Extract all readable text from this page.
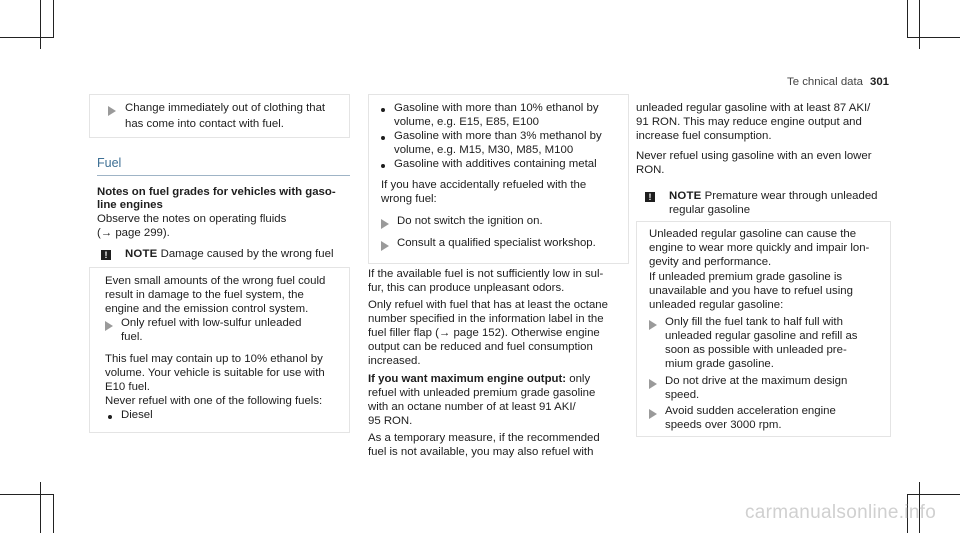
Te chnical data 301
Change immediately out of clothing that
has come into contact with fuel.
Fuel
Notes on fuel grades for vehicles with gaso‐
line engines
Observe the notes on operating fluids
(→ page 299).
!	NOTE Damage caused by the wrong fuel
Even small amounts of the wrong fuel could
result in damage to the fuel system, the
engine and the emission control system.
Only refuel with low-sulfur unleaded
fuel.
This fuel may contain up to 10% ethanol by
volume. Your vehicle is suitable for use with
E10 fuel.
Never refuel with one of the following fuels:
Diesel
Gasoline with more than 10% ethanol by
volume, e.g. E15, E85, E100
Gasoline with more than 3% methanol by
volume, e.g. M15, M30, M85, M100
Gasoline with additives containing metal
If you have accidentally refueled with the
wrong fuel:
Do not switch the ignition on.
Consult a qualified specialist workshop.
If the available fuel is not sufficiently low in sul‐
fur, this can produce unpleasant odors.
Only refuel with fuel that has at least the octane
number specified in the information label in the
fuel filler flap (→ page 152). Otherwise engine
output can be reduced and fuel consumption
increased.
If you want maximum engine output: only
refuel with unleaded premium grade gasoline
with an octane number of at least 91 AKI/
95 RON.
As a temporary measure, if the recommended
fuel is not available, you may also refuel with
unleaded regular gasoline with at least 87 AKI/
91 RON. This may reduce engine output and
increase fuel consumption.
Never refuel using gasoline with an even lower
RON.
!	NOTE Premature wear through unleaded
regular gasoline
Unleaded regular gasoline can cause the
engine to wear more quickly and impair lon‐
gevity and performance.
If unleaded premium grade gasoline is
unavailable and you have to refuel using
unleaded regular gasoline:
Only fill the fuel tank to half full with
unleaded regular gasoline and refill as
soon as possible with unleaded pre‐
mium grade gasoline.
Do not drive at the maximum design
speed.
Avoid sudden acceleration engine
speeds over 3000 rpm.
carmanualsonline.info
